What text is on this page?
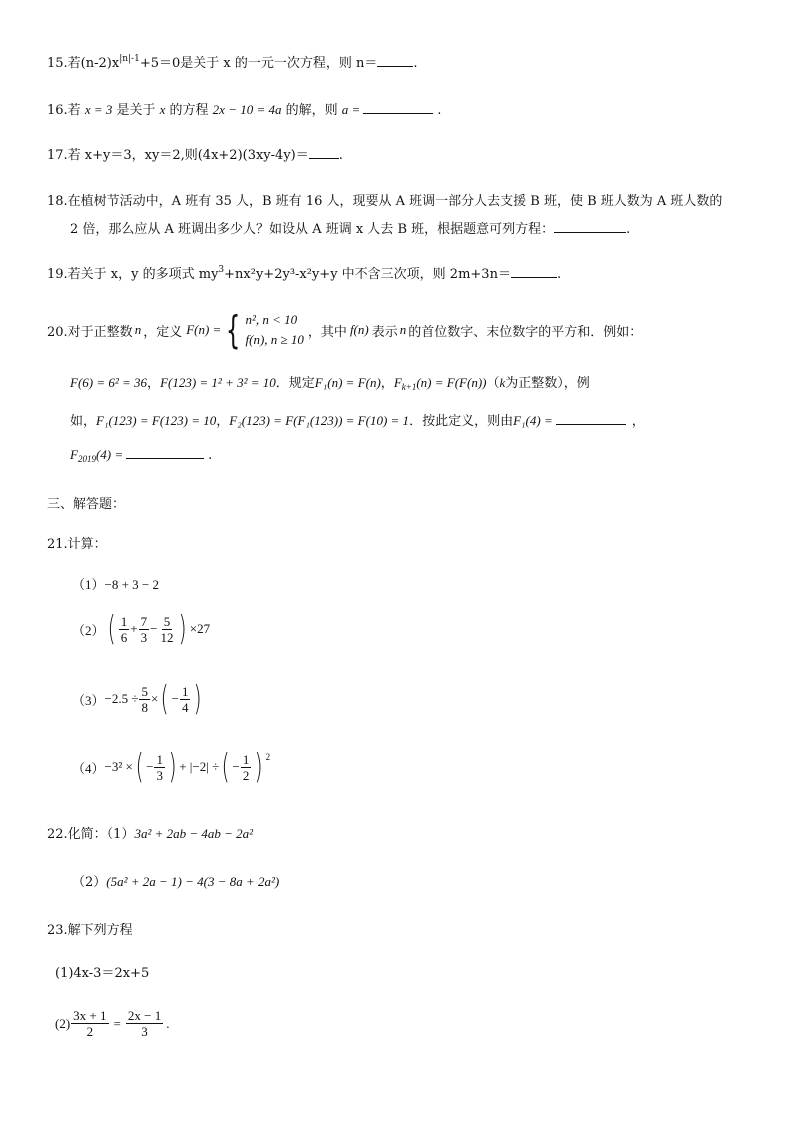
15.若$(n-2)x^{|n|-1}+5=0$是关于 x 的一元一次方程，则 n＝	.
16.若 x = 3 是关于 x 的方程 2x − 10 = 4a 的解，则 a =	.
17.若 x+y＝3，xy＝2,则(4x+2)(3xy-4y)＝ .
18.在植树节活动中，A 班有 35 人，B 班有 16 人，现要从 A 班调一部分人去支援 B 班，使 B 班人数为 A 班人数的
2 倍，那么应从 A 班调出多少人？如设从 A 班调 x 人去 B 班，根据题意可列方程：	.
19.若关于 x，y 的多项式 $my^3+nx^2y+2y^3-x^2y+y$ 中不含三次项，则 2m+3n＝	.
20.对于正整数 n ，定义 F(n) = { n², n < 10
f(n), n ≥ 10 ，其中 f(n) 表示 n 的首位数字、末位数字的平方和．例如：
F(6) = 6² = 36，F(123) = 1² + 3² = 10．规定F₁(n) = F(n)，$F_{k+1}(n) = F(F(n))(k$为正整数），例
如，F₁(123) = F(123) = 10，F₂(123) = F(F₁(123)) = F(10) = 1．按此定义，则由F₁(4) =	，
$F_{2019}(4)$ =	.
三、解答题：
21.计算：
（1）−8 + 3 − 2
（2） ( $\frac{1}{6} + \frac{7}{3} - \frac{5}{12}$ ) ×27
$(3) -2.5 \div \frac{5}{8}$ × ( − $\frac{1}{4}$ )
（4） −3² × ( − $\frac{1}{3}$ ) + |−2| ÷ ( − $\frac{1}{2}$ ) $^2$
22.化简：（1）3a² + 2ab − 4ab − 2a²
（2）(5a² + 2a − 1) − 4(3 − 8a + 2a²)
23.解下列方程
(1)4x-3＝2x+5
$(2) \frac{3x + 1}{2} = \frac{2x - 1}{3}$ .
